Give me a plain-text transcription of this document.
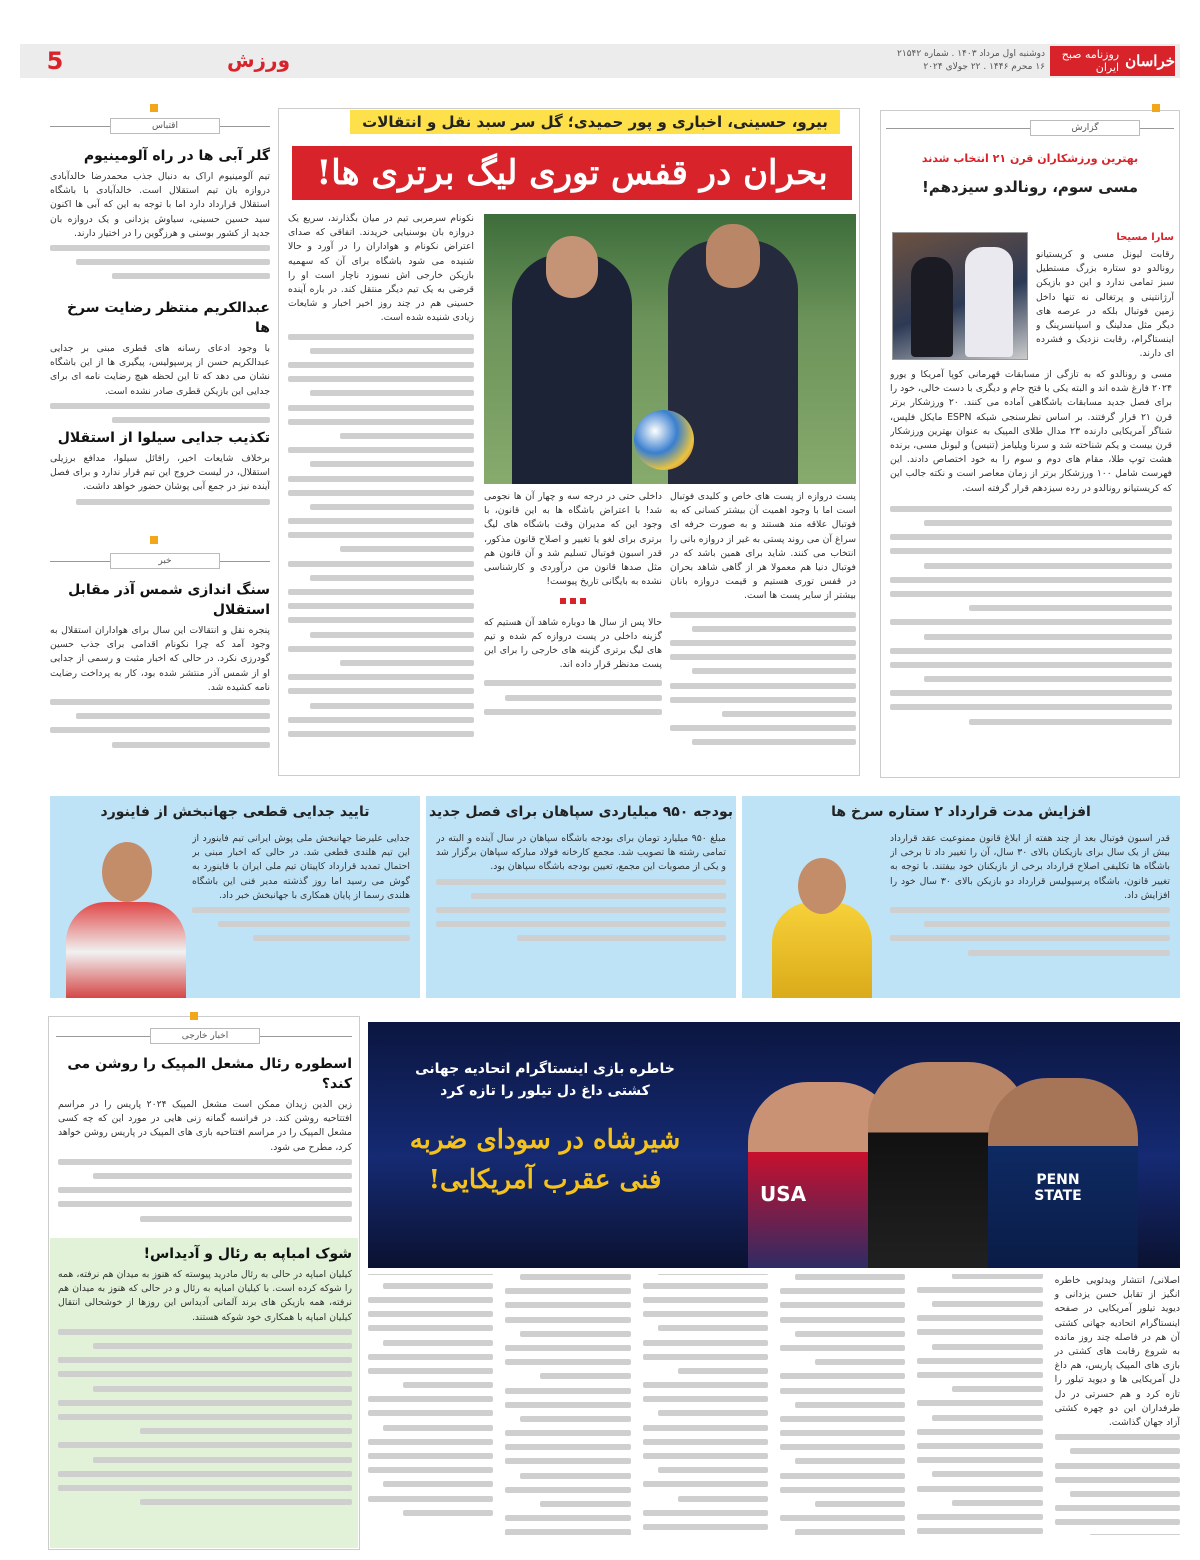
خراسان
روزنامه صبح ایران
دوشنبه اول مرداد ۱۴۰۳ . شماره ۲۱۵۴۲
۱۶ محرم ۱۴۴۶ . ۲۲ جولای ۲۰۲۴
ورزش
5
گزارش
بهترین ورزشکاران قرن ۲۱ انتخاب شدند
مسی سوم، رونالدو سیزدهم!
سارا مسیحا
رقابت لیونل مسی و کریستیانو رونالدو دو ستاره بزرگ مستطیل سبز تمامی ندارد و این دو بازیکن آرژانتینی و پرتغالی نه تنها داخل زمین فوتبال بلکه در عرصه های دیگر مثل مدلینگ و اسپانسرینگ و اینستاگرام، رقابت نزدیک و فشرده ای دارند.
مسی و رونالدو که به تازگی از مسابقات قهرمانی کوپا آمریکا و یورو ۲۰۲۴ فارغ شده اند و البته یکی با فتح جام و دیگری با دست خالی، خود را برای فصل جدید مسابقات باشگاهی آماده می کنند. ۲۰ ورزشکار برتر قرن ۲۱ قرار گرفتند. بر اساس نظرسنجی شبکه ESPN مایکل فلپس، شناگر آمریکایی دارنده ۲۳ مدال طلای المپیک به عنوان بهترین ورزشکار قرن بیست و یکم شناخته شد و سرنا ویلیامز (تنیس) و لیونل مسی، برنده هشت توپ طلا، مقام های دوم و سوم را به خود اختصاص دادند. این فهرست شامل ۱۰۰ ورزشکار برتر از زمان معاصر است و نکته جالب این که کریستیانو رونالدو در رده سیزدهم قرار گرفته است.
بیرو، حسینی، اخباری و پور حمیدی؛ گل سر سبد نقل و انتقالات
بحران در قفس توری لیگ برتری ها!
نکونام سرمربی تیم در میان بگذارند، سریع یک دروازه بان بوسنیایی خریدند. اتفاقی که صدای اعتراض نکونام و هواداران را در آورد و حالا شنیده می شود باشگاه برای آن که سهمیه بازیکن خارجی اش نسوزد ناچار است او را قرضی به یک تیم دیگر منتقل کند. در باره آینده حسینی هم در چند روز اخیر اخبار و شایعات زیادی شنیده شده است.
پست دروازه از پست های خاص و کلیدی فوتبال است اما با وجود اهمیت آن بیشتر کسانی که به فوتبال علاقه مند هستند و به صورت حرفه ای سراغ آن می روند پستی به غیر از دروازه بانی را انتخاب می کنند. شاید برای همین باشد که در فوتبال دنیا هم معمولا هر از گاهی شاهد بحران در قفس توری هستیم و قیمت دروازه بانان بیشتر از سایر پست ها است.
داخلی حتی در درجه سه و چهار آن ها نجومی شد! با اعتراض باشگاه ها به این قانون، با وجود این که مدیران وقت باشگاه های لیگ برتری برای لغو یا تغییر و اصلاح قانون مذکور، قدر اسبون فوتبال تسلیم شد و آن قانون هم مثل صدها قانون من درآوردی و کارشناسی نشده به بایگانی تاریخ پیوست!
حالا پس از سال ها دوباره شاهد آن هستیم که گزینه داخلی در پست دروازه کم شده و تیم های لیگ برتری گزینه های خارجی را برای این پست مدنظر قرار داده اند.
اقتباس
گلر آبی ها در راه آلومینیوم
تیم آلومینیوم اراک به دنبال جذب محمدرضا خالدآبادی دروازه بان تیم استقلال است. خالدآبادی با باشگاه استقلال قرارداد دارد اما با توجه به این که آبی ها اکنون سید حسین حسینی، سیاوش یزدانی و یک دروازه بان جدید از کشور بوسنی و هرزگوین را در اختیار دارند.
عبدالکریم منتظر رضایت سرخ ها
با وجود ادعای رسانه های قطری مبنی بر جدایی عبدالکریم حسن از پرسپولیس، پیگیری ها از این باشگاه نشان می دهد که تا این لحظه هیچ رضایت نامه ای برای جدایی این بازیکن قطری صادر نشده است.
تکذیب جدایی سیلوا از استقلال
برخلاف شایعات اخیر، رافائل سیلوا، مدافع برزیلی استقلال، در لیست خروج این تیم قرار ندارد و برای فصل آینده نیز در جمع آبی پوشان حضور خواهد داشت.
خبر
سنگ اندازی شمس آذر مقابل استقلال
پنجره نقل و انتقالات این سال برای هواداران استقلال به وجود آمد که چرا نکونام اقدامی برای جذب حسین گودرزی نکرد. در حالی که اخبار مثبت و رسمی از جدایی او از شمس آذر منتشر شده بود، کار به پرداخت رضایت نامه کشیده شد.
افزایش مدت قرارداد ۲ ستاره سرخ ها
قدر اسبون فوتبال بعد از چند هفته از ابلاغ قانون ممنوعیت عقد قرارداد بیش از یک سال برای بازیکنان بالای ۳۰ سال، آن را تغییر داد تا برخی از باشگاه ها تکلیفی اصلاح قرارداد برخی از بازیکنان خود بیفتند. با توجه به تغییر قانون، باشگاه پرسپولیس قرارداد دو بازیکن بالای ۳۰ سال خود را افزایش داد.
بودجه ۹۵۰ میلیاردی سپاهان برای فصل جدید
مبلغ ۹۵۰ میلیارد تومان برای بودجه باشگاه سپاهان در سال آینده و البته در تمامی رشته ها تصویب شد. مجمع کارخانه فولاد مبارکه سپاهان برگزار شد و یکی از مصوبات این مجمع، تعیین بودجه باشگاه سپاهان بود.
تایید جدایی قطعی جهانبخش از فاینورد
جدایی علیرضا جهانبخش ملی پوش ایرانی تیم فاینورد از این تیم هلندی قطعی شد. در حالی که اخبار مبنی بر احتمال تمدید قرارداد کاپیتان تیم ملی ایران با فاینورد به گوش می رسید اما روز گذشته مدیر فنی این باشگاه هلندی رسما از پایان همکاری با جهانبخش خبر داد.
اخبار خارجی
اسطوره رئال مشعل المپیک را روشن می کند؟
زین الدین زیدان ممکن است مشعل المپیک ۲۰۲۴ پاریس را در مراسم افتتاحیه روشن کند. در فرانسه گمانه زنی هایی در مورد این که چه کسی مشعل المپیک را در مراسم افتتاحیه بازی های المپیک در پاریس روشن خواهد کرد، مطرح می شود.
شوک امباپه به رئال و آدیداس!
کیلیان امباپه در حالی به رئال مادرید پیوسته که هنوز به میدان هم نرفته، همه را شوکه کرده است. با کیلیان امباپه به رئال و در حالی که هنوز به میدان هم نرفته، همه بازیکن های برند آلمانی آدیداس این روزها از خوشحالی انتقال کیلیان امباپه با همکاری خود شوکه هستند.
USA
PENN STATE
خاطره بازی اینستاگرام اتحادیه جهانی کشتی داغ دل تیلور را تازه کرد
شیرشاه در سودای ضربه فنی عقرب آمریکایی!
اصلانی/ انتشار ویدئویی خاطره انگیز از تقابل حسن یزدانی و دیوید تیلور آمریکایی در صفحه اینستاگرام اتحادیه جهانی کشتی آن هم در فاصله چند روز مانده به شروع رقابت های کشتی در بازی های المپیک پاریس، هم داغ دل آمریکایی ها و دیوید تیلور را تازه کرد و هم حسرتی در دل طرفداران این دو چهره کشتی آزاد جهان گذاشت.
